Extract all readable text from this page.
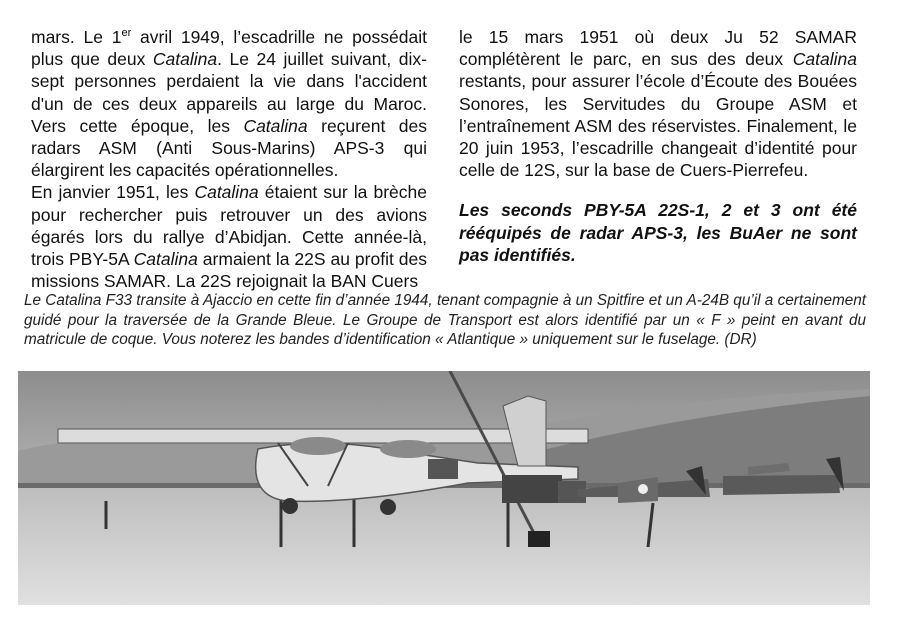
mars. Le 1er avril 1949, l’escadrille ne possédait plus que deux Catalina. Le 24 juillet suivant, dix-sept personnes perdaient la vie dans l'accident d'un de ces deux appareils au large du Maroc. Vers cette époque, les Catalina reçurent des radars ASM (Anti Sous-Marins) APS-3 qui élargirent les capacités opérationnelles.

En janvier 1951, les Catalina étaient sur la brèche pour rechercher puis retrouver un des avions égarés lors du rallye d’Abidjan. Cette année-là, trois PBY-5A Catalina armaient la 22S au profit des missions SAMAR. La 22S rejoignait la BAN Cuers

le 15 mars 1951 où deux Ju 52 SAMAR complétèrent le parc, en sus des deux Catalina restants, pour assurer l’école d’Écoute des Bouées Sonores, les Servitudes du Groupe ASM et l’entraînement ASM des réservistes. Finalement, le 20 juin 1953, l’escadrille changeait d’identité pour celle de 12S, sur la base de Cuers-Pierrefeu.

Les seconds PBY-5A 22S-1, 2 et 3 ont été rééquipés de radar APS-3, les BuAer ne sont pas identifiés.

Le Catalina F33 transite à Ajaccio en cette fin d’année 1944, tenant compagnie à un Spitfire et un A-24B qu’il a certainement guidé pour la traversée de la Grande Bleue. Le Groupe de Transport est alors identifié par un « F » peint en avant du matricule de coque. Vous noterez les bandes d’identification « Atlantique » uniquement sur le fuselage. (DR)
